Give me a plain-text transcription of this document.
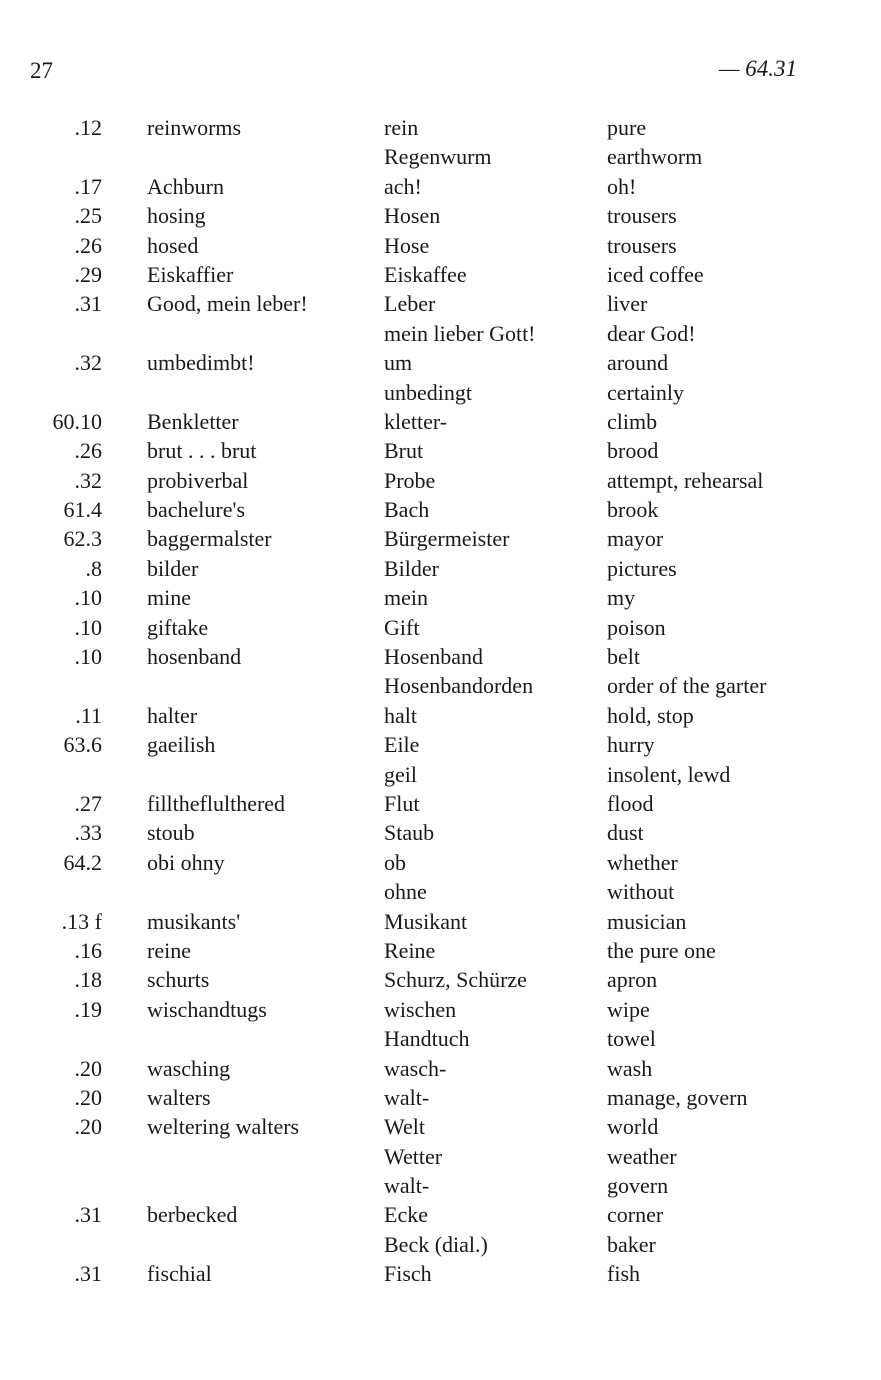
27	— 64.31
.12 reinworms	rein	pure
Regenwurm	earthworm
.17 Achburn	ach!	oh!
.25 hosing	Hosen	trousers
.26 hosed	Hose	trousers
.29 Eiskaffier	Eiskaffee	iced coffee
.31 Good, mein leber!	Leber	liver
mein lieber Gott!	dear God!
.32 umbedimbt!	um	around
unbedingt	certainly
60.10 Benkletter	kletter-	climb
.26 brut . . . brut	Brut	brood
.32 probiverbal	Probe	attempt, rehearsal
61.4 bachelure's	Bach	brook
62.3 baggermalster	Bürgermeister	mayor
.8 bilder	Bilder	pictures
.10 mine	mein	my
.10 giftake	Gift	poison
.10 hosenband	Hosenband	belt
Hosenbandorden	order of the garter
.11 halter	halt	hold, stop
63.6 gaeilish	Eile	hurry
geil	insolent, lewd
.27 filltheflulthered	Flut	flood
.33 stoub	Staub	dust
64.2 obi ohny	ob	whether
ohne	without
.13 f musikants'	Musikant	musician
.16 reine	Reine	the pure one
.18 schurts	Schurz, Schürze	apron
.19 wischandtugs	wischen	wipe
Handtuch	towel
.20 wasching	wasch-	wash
.20 walters	walt-	manage, govern
.20 weltering walters	Welt	world
Wetter	weather
walt-	govern
.31 berbecked	Ecke	corner
Beck (dial.)	baker
.31 fischial	Fisch	fish
